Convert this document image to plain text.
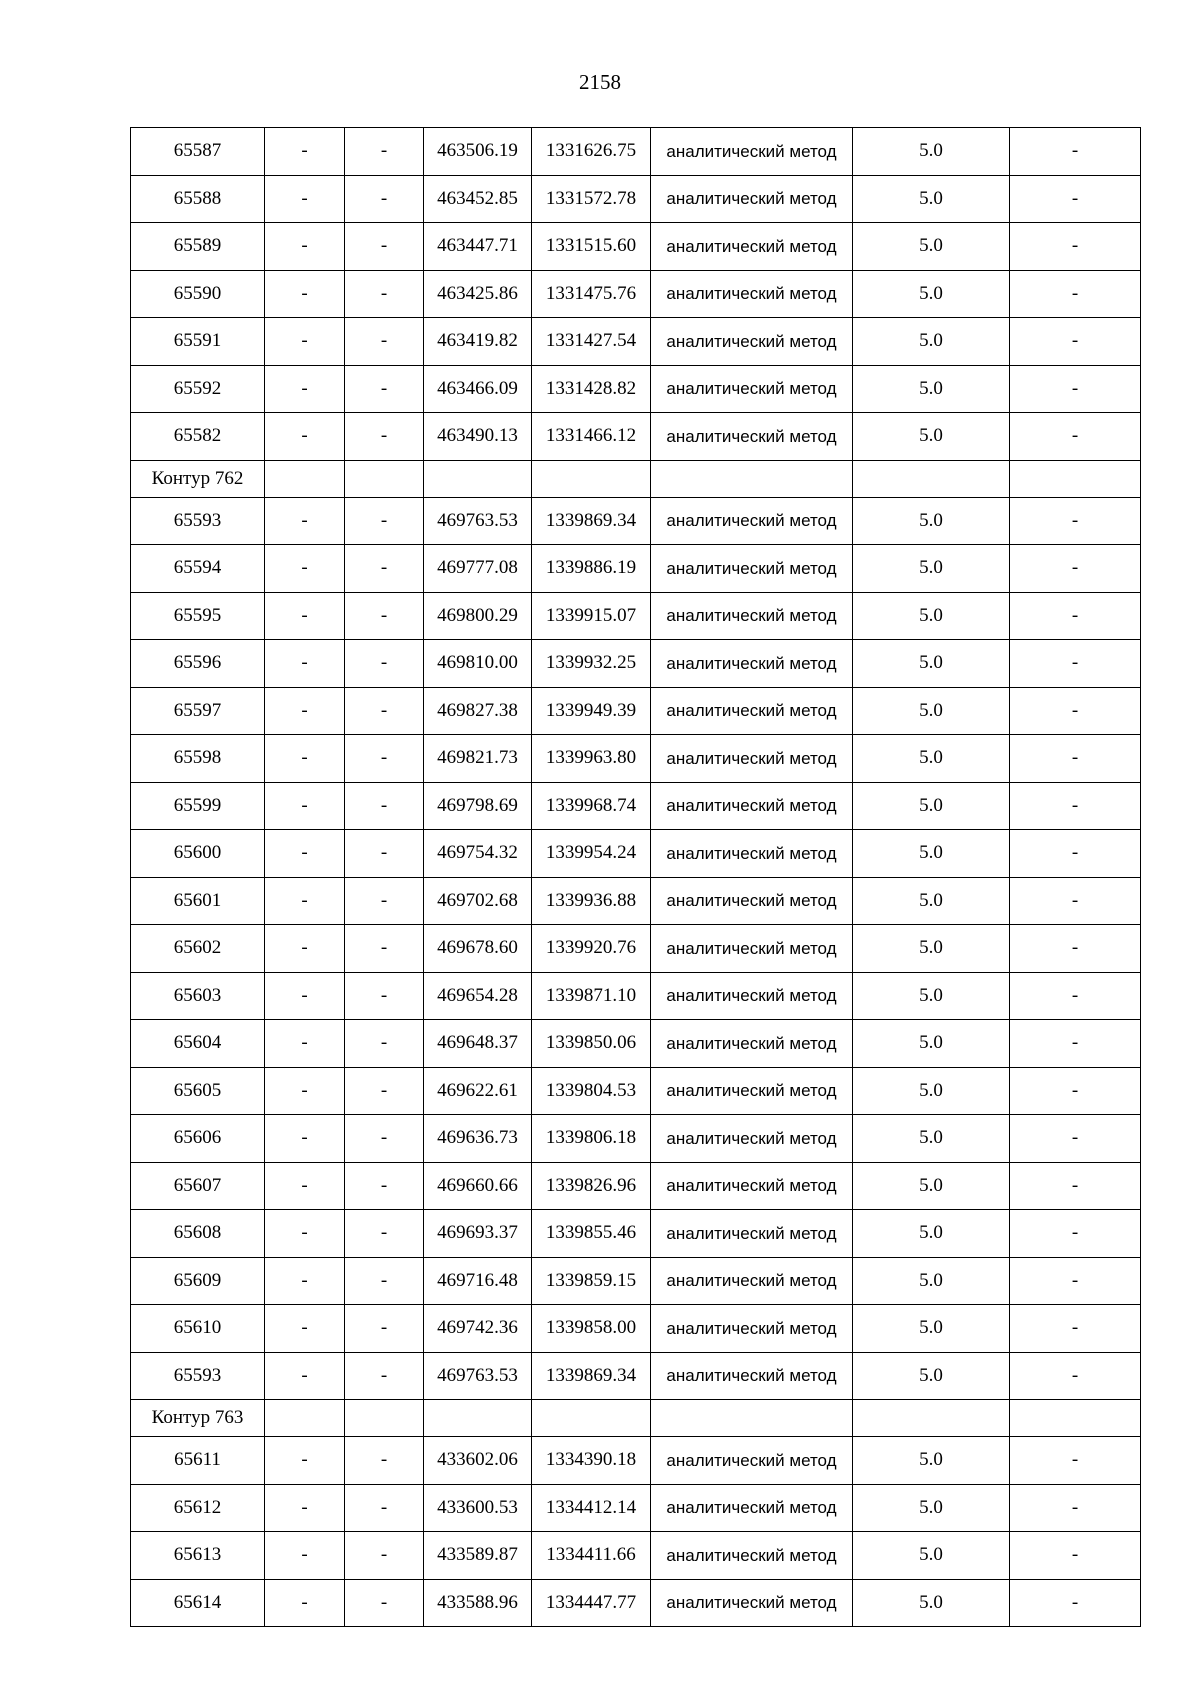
2158
65587	-	-	463506.19	1331626.75	аналитический метод	5.0	-
65588	-	-	463452.85	1331572.78	аналитический метод	5.0	-
65589	-	-	463447.71	1331515.60	аналитический метод	5.0	-
65590	-	-	463425.86	1331475.76	аналитический метод	5.0	-
65591	-	-	463419.82	1331427.54	аналитический метод	5.0	-
65592	-	-	463466.09	1331428.82	аналитический метод	5.0	-
65582	-	-	463490.13	1331466.12	аналитический метод	5.0	-
Контур 762							
65593	-	-	469763.53	1339869.34	аналитический метод	5.0	-
65594	-	-	469777.08	1339886.19	аналитический метод	5.0	-
65595	-	-	469800.29	1339915.07	аналитический метод	5.0	-
65596	-	-	469810.00	1339932.25	аналитический метод	5.0	-
65597	-	-	469827.38	1339949.39	аналитический метод	5.0	-
65598	-	-	469821.73	1339963.80	аналитический метод	5.0	-
65599	-	-	469798.69	1339968.74	аналитический метод	5.0	-
65600	-	-	469754.32	1339954.24	аналитический метод	5.0	-
65601	-	-	469702.68	1339936.88	аналитический метод	5.0	-
65602	-	-	469678.60	1339920.76	аналитический метод	5.0	-
65603	-	-	469654.28	1339871.10	аналитический метод	5.0	-
65604	-	-	469648.37	1339850.06	аналитический метод	5.0	-
65605	-	-	469622.61	1339804.53	аналитический метод	5.0	-
65606	-	-	469636.73	1339806.18	аналитический метод	5.0	-
65607	-	-	469660.66	1339826.96	аналитический метод	5.0	-
65608	-	-	469693.37	1339855.46	аналитический метод	5.0	-
65609	-	-	469716.48	1339859.15	аналитический метод	5.0	-
65610	-	-	469742.36	1339858.00	аналитический метод	5.0	-
65593	-	-	469763.53	1339869.34	аналитический метод	5.0	-
Контур 763							
65611	-	-	433602.06	1334390.18	аналитический метод	5.0	-
65612	-	-	433600.53	1334412.14	аналитический метод	5.0	-
65613	-	-	433589.87	1334411.66	аналитический метод	5.0	-
65614	-	-	433588.96	1334447.77	аналитический метод	5.0	-
